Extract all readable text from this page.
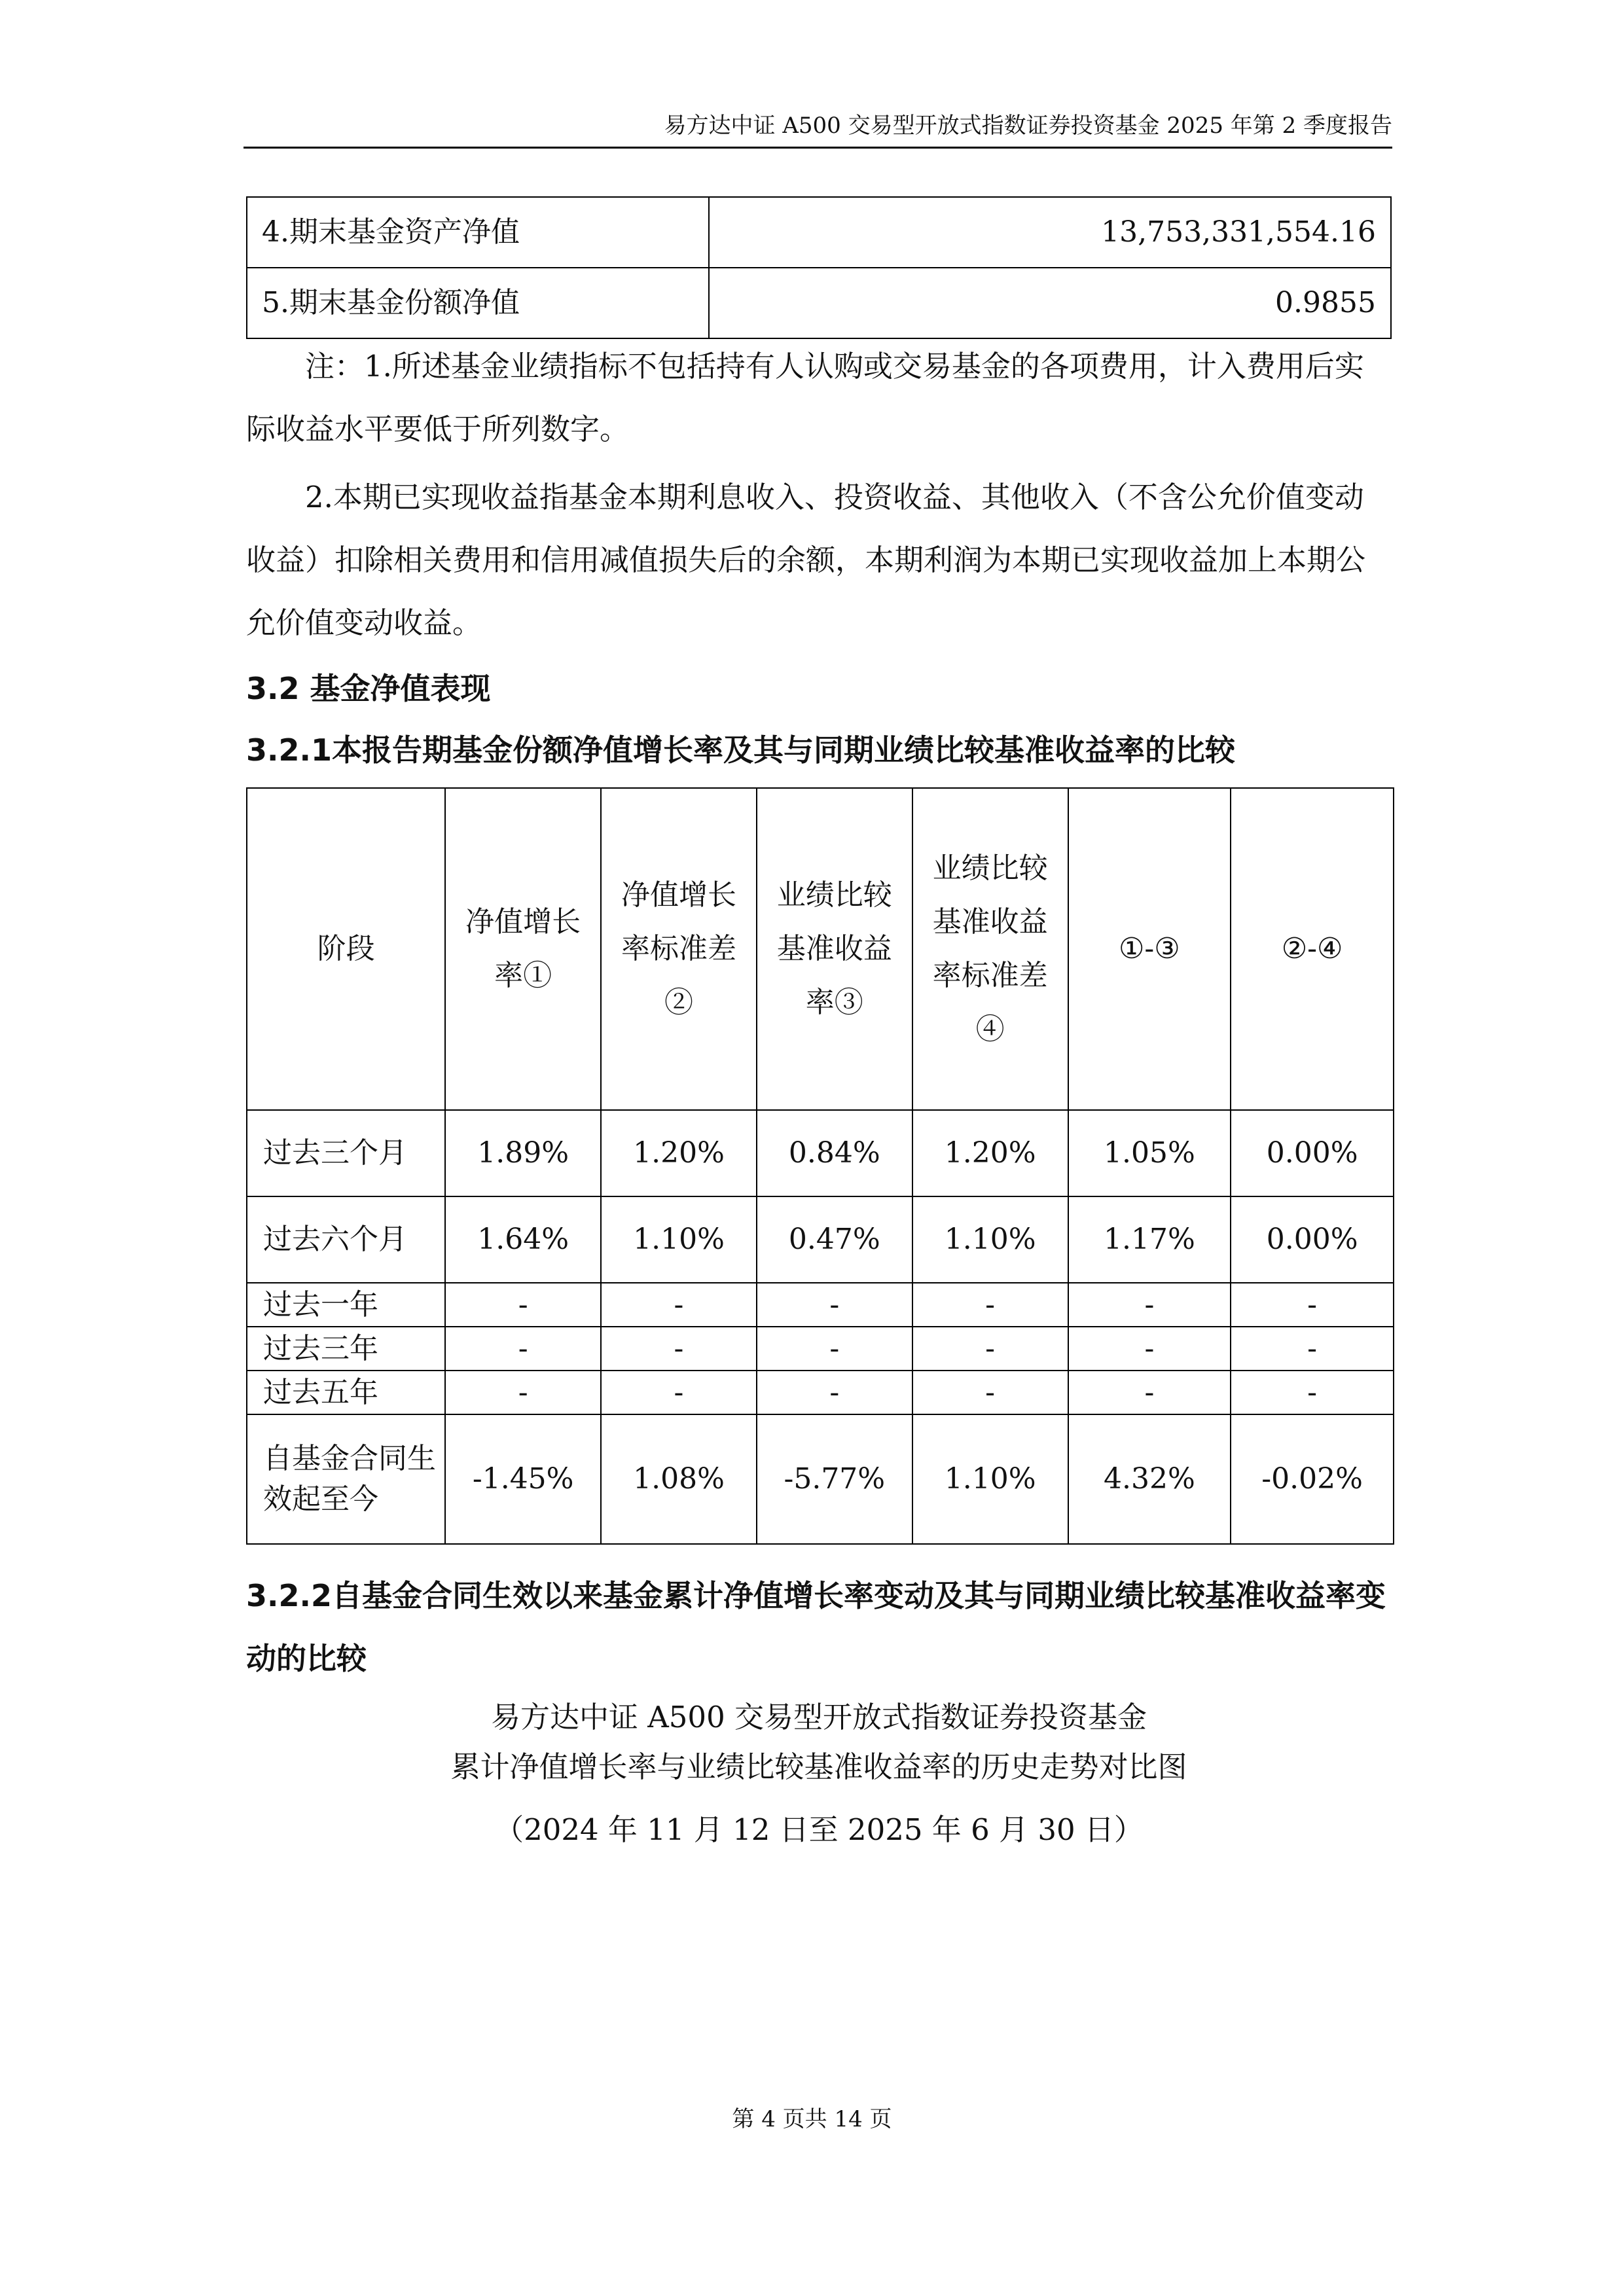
易方达中证 A500 交易型开放式指数证券投资基金 2025 年第 2 季度报告
4.期末基金资产净值	13,753,331,554.16
5.期末基金份额净值	0.9855
注：1.所述基金业绩指标不包括持有人认购或交易基金的各项费用，计入费用后实际收益水平要低于所列数字。
2.本期已实现收益指基金本期利息收入、投资收益、其他收入（不含公允价值变动收益）扣除相关费用和信用减值损失后的余额，本期利润为本期已实现收益加上本期公允价值变动收益。
3.2 基金净值表现
3.2.1本报告期基金份额净值增长率及其与同期业绩比较基准收益率的比较
阶段	净值增长率①	净值增长率标准差②	业绩比较基准收益率③	业绩比较基准收益率标准差④	①-③	②-④
过去三个月	1.89%	1.20%	0.84%	1.20%	1.05%	0.00%
过去六个月	1.64%	1.10%	0.47%	1.10%	1.17%	0.00%
过去一年	-	-	-	-	-	-
过去三年	-	-	-	-	-	-
过去五年	-	-	-	-	-	-
自基金合同生效起至今	-1.45%	1.08%	-5.77%	1.10%	4.32%	-0.02%
3.2.2自基金合同生效以来基金累计净值增长率变动及其与同期业绩比较基准收益率变动的比较
易方达中证 A500 交易型开放式指数证券投资基金
累计净值增长率与业绩比较基准收益率的历史走势对比图
（2024 年 11 月 12 日至 2025 年 6 月 30 日）
第 4 页共 14 页
